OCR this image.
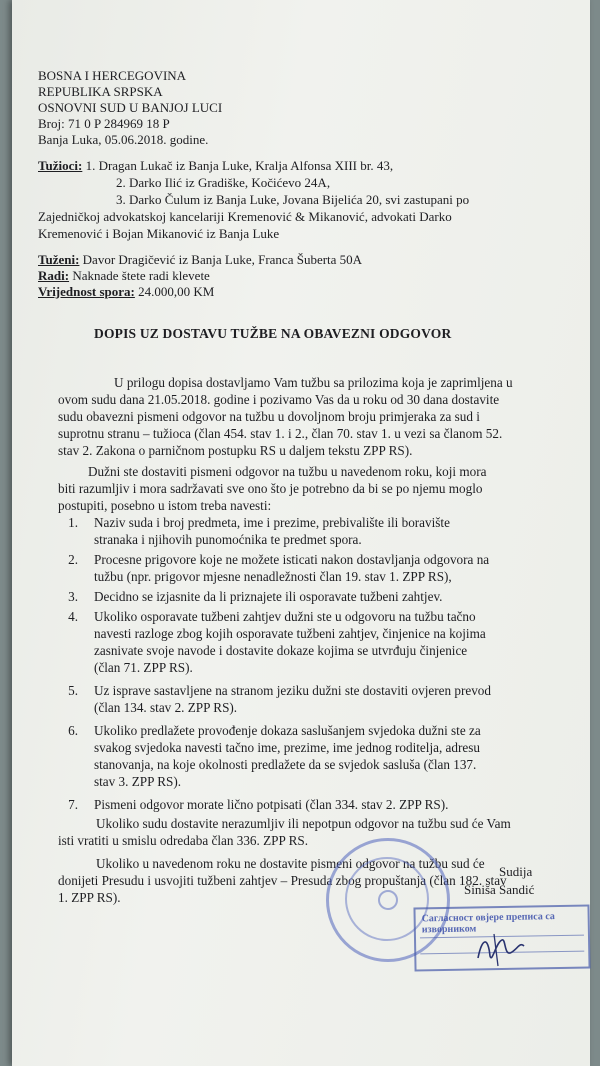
BOSNA I HERCEGOVINA
REPUBLIKA SRPSKA
OSNOVNI SUD U BANJOJ LUCI
Broj: 71 0 P 284969 18 P
Banja Luka, 05.06.2018. godine.
Tužioci: 1. Dragan Lukač iz Banja Luke, Kralja Alfonsa XIII br. 43,
2. Darko Ilić iz Gradiške, Kočićevo 24A,
3. Darko Čulum iz Banja Luke, Jovana Bijelića 20, svi zastupani po
Zajedničkoj advokatskoj kancelariji Kremenović & Mikanović, advokati Darko
Kremenović i Bojan Mikanović iz Banja Luke
Tuženi: Davor Dragičević iz Banja Luke, Franca Šuberta 50A
Radi: Naknade štete radi klevete
Vrijednost spora: 24.000,00 KM
DOPIS UZ DOSTAVU TUŽBE NA OBAVEZNI ODGOVOR
U prilogu dopisa dostavljamo Vam tužbu sa prilozima koja je zaprimljena u
ovom sudu dana 21.05.2018. godine i pozivamo Vas da u roku od 30 dana dostavite
sudu obavezni pismeni odgovor na tužbu u dovoljnom broju primjeraka za sud i
suprotnu stranu – tužioca (član 454. stav 1. i 2., član 70. stav 1. u vezi sa članom 52.
stav 2. Zakona o parničnom postupku RS u daljem tekstu ZPP RS).
Dužni ste dostaviti pismeni odgovor na tužbu u navedenom roku, koji mora
biti razumljiv i mora sadržavati sve ono što je potrebno da bi se po njemu moglo
postupiti, posebno u istom treba navesti:
1. Naziv suda i broj predmeta, ime i prezime, prebivalište ili boravište
stranaka i njihovih punomoćnika te predmet spora.
2. Procesne prigovore koje ne možete isticati nakon dostavljanja odgovora na
tužbu (npr. prigovor mjesne nenadležnosti član 19. stav 1. ZPP RS),
3. Decidno se izjasnite da li priznajete ili osporavate tužbeni zahtjev.
4. Ukoliko osporavate tužbeni zahtjev dužni ste u odgovoru na tužbu tačno
navesti razloge zbog kojih osporavate tužbeni zahtjev, činjenice na kojima
zasnivate svoje navode i dostavite dokaze kojima se utvrđuju činjenice
(član 71. ZPP RS).
5. Uz isprave sastavljene na stranom jeziku dužni ste dostaviti ovjeren prevod
(član 134. stav 2. ZPP RS).
6. Ukoliko predlažete provođenje dokaza saslušanjem svjedoka dužni ste za
svakog svjedoka navesti tačno ime, prezime, ime jednog roditelja, adresu
stanovanja, na koje okolnosti predlažete da se svjedok sasluša (član 137.
stav 3. ZPP RS).
7. Pismeni odgovor morate lično potpisati (član 334. stav 2. ZPP RS).
Ukoliko sudu dostavite nerazumljiv ili nepotpun odgovor na tužbu sud će Vam
isti vratiti u smislu odredaba član 336. ZPP RS.
Ukoliko u navedenom roku ne dostavite pismeni odgovor na tužbu sud će
donijeti Presudu i usvojiti tužbeni zahtjev – Presuda zbog propuštanja (član 182. stav
1. ZPP RS).
Sudija
Siniša Sandić
Сагласност овјере преписа са изворником
